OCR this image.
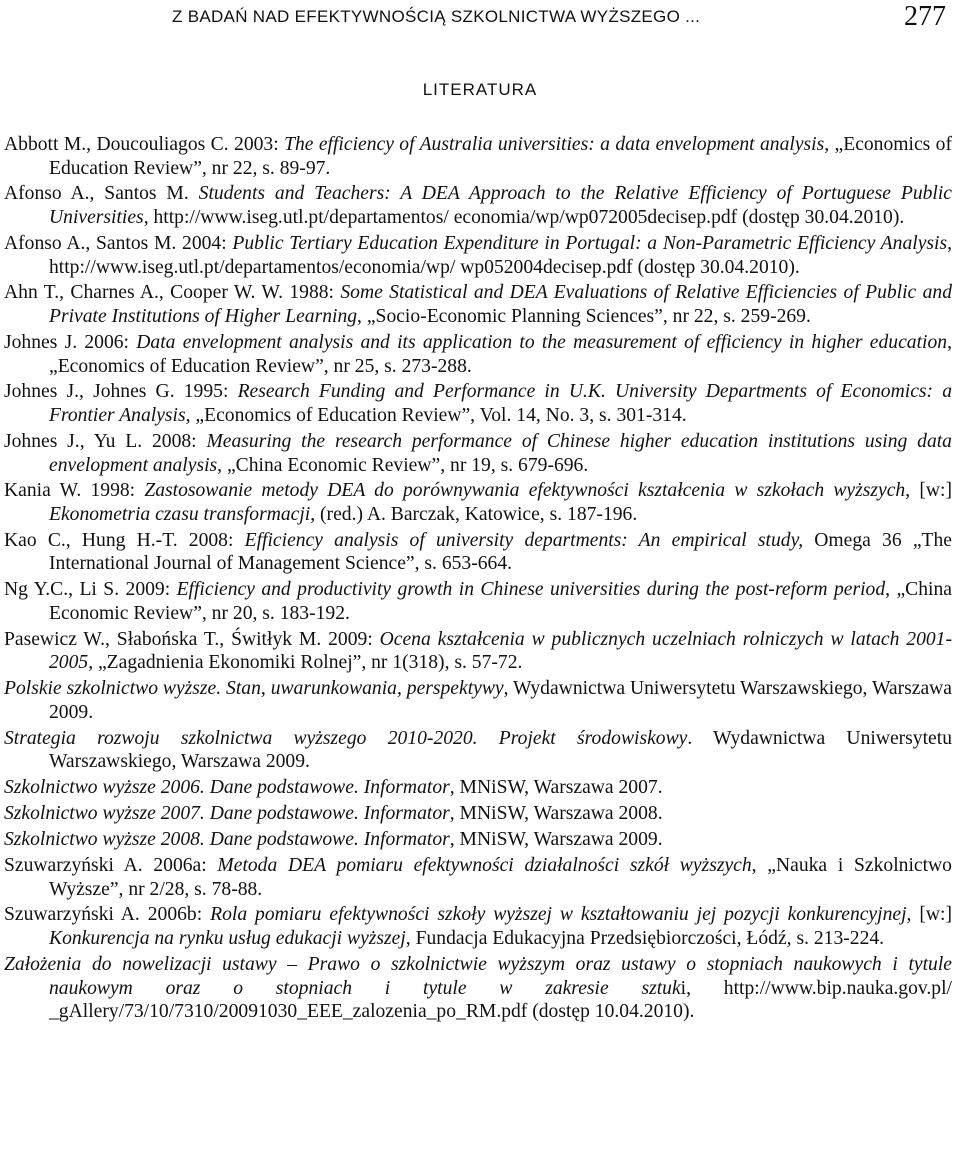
Z BADAŃ NAD EFEKTYWNOŚCIĄ SZKOLNICTWA WYŻSZEGO ...	277
LITERATURA
Abbott M., Doucouliagos C. 2003: The efficiency of Australia universities: a data envelopment analysis, „Economics of Education Review”, nr 22, s. 89-97.
Afonso A., Santos M. Students and Teachers: A DEA Approach to the Relative Efficiency of Portuguese Public Universities, http://www.iseg.utl.pt/departamentos/ economia/wp/wp072005decisep.pdf (dostęp 30.04.2010).
Afonso A., Santos M. 2004: Public Tertiary Education Expenditure in Portugal: a Non-Parametric Efficiency Analysis, http://www.iseg.utl.pt/departamentos/economia/wp/ wp052004decisep.pdf (dostęp 30.04.2010).
Ahn T., Charnes A., Cooper W. W. 1988: Some Statistical and DEA Evaluations of Relative Efficiencies of Public and Private Institutions of Higher Learning, „Socio-Economic Planning Sciences”, nr 22, s. 259-269.
Johnes J. 2006: Data envelopment analysis and its application to the measurement of efficiency in higher education, „Economics of Education Review”, nr 25, s. 273-288.
Johnes J., Johnes G. 1995: Research Funding and Performance in U.K. University Departments of Economics: a Frontier Analysis, „Economics of Education Review”, Vol. 14, No. 3, s. 301-314.
Johnes J., Yu L. 2008: Measuring the research performance of Chinese higher education institutions using data envelopment analysis, „China Economic Review”, nr 19, s. 679-696.
Kania W. 1998: Zastosowanie metody DEA do porównywania efektywności kształcenia w szkołach wyższych, [w:] Ekonometria czasu transformacji, (red.) A. Barczak, Katowice, s. 187-196.
Kao C., Hung H.-T. 2008: Efficiency analysis of university departments: An empirical study, Omega 36 „The International Journal of Management Science”, s. 653-664.
Ng Y.C., Li S. 2009: Efficiency and productivity growth in Chinese universities during the post-reform period, „China Economic Review”, nr 20, s. 183-192.
Pasewicz W., Słabońska T., Świtłyk M. 2009: Ocena kształcenia w publicznych uczelniach rolniczych w latach 2001-2005, „Zagadnienia Ekonomiki Rolnej”, nr 1(318), s. 57-72.
Polskie szkolnictwo wyższe. Stan, uwarunkowania, perspektywy, Wydawnictwa Uniwersytetu Warszawskiego, Warszawa 2009.
Strategia rozwoju szkolnictwa wyższego 2010-2020. Projekt środowiskowy. Wydawnictwa Uniwersytetu Warszawskiego, Warszawa 2009.
Szkolnictwo wyższe 2006. Dane podstawowe. Informator, MNiSW, Warszawa 2007.
Szkolnictwo wyższe 2007. Dane podstawowe. Informator, MNiSW, Warszawa 2008.
Szkolnictwo wyższe 2008. Dane podstawowe. Informator, MNiSW, Warszawa 2009.
Szuwarzyński A. 2006a: Metoda DEA pomiaru efektywności działalności szkół wyższych, „Nauka i Szkolnictwo Wyższe”, nr 2/28, s. 78-88.
Szuwarzyński A. 2006b: Rola pomiaru efektywności szkoły wyższej w kształtowaniu jej pozycji konkurencyjnej, [w:] Konkurencja na rynku usług edukacji wyższej, Fundacja Edukacyjna Przedsiębiorczości, Łódź, s. 213-224.
Założenia do nowelizacji ustawy – Prawo o szkolnictwie wyższym oraz ustawy o stopniach naukowych i tytule naukowym oraz o stopniach i tytule w zakresie sztuki, http://www.bip.nauka.gov.pl/ _gAllery/73/10/7310/20091030_EEE_zalozenia_po_RM.pdf (dostęp 10.04.2010).
